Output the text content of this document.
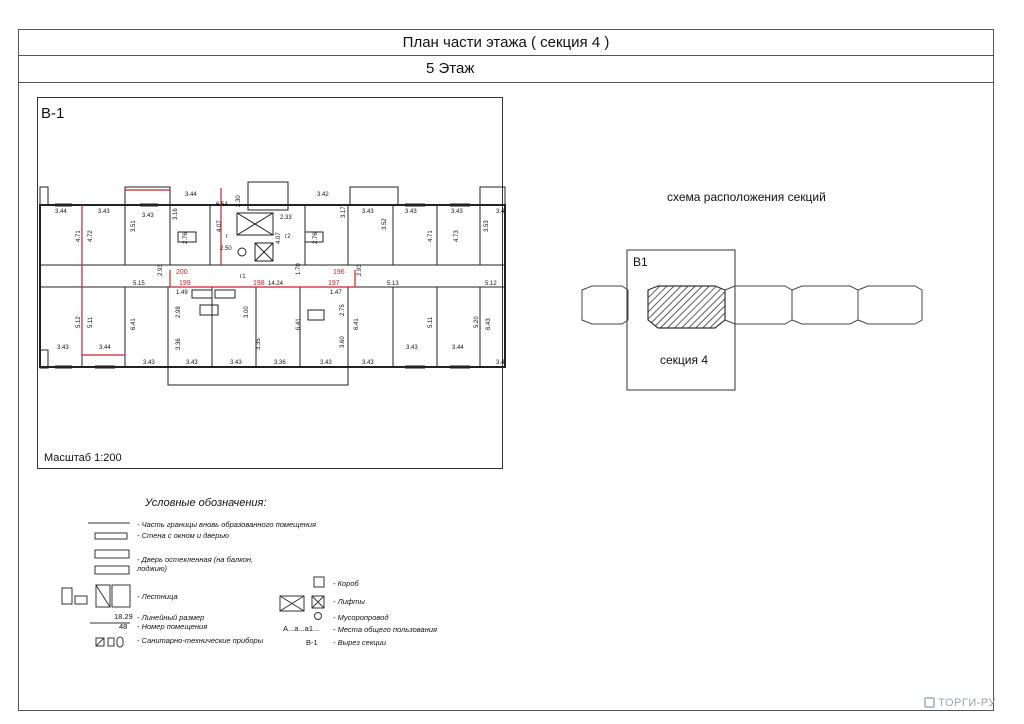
План части этажа ( секция 4 )
5 Этаж
В-1
Масштаб 1:200
3.44	3.43
3.43
3.44	3.42
3.43	3.43	3.43	3.4
2.30
2.33
6.54
4.07
4.07
2.50
3.16	3.17
г
г1
г2
4.71 4.72
3.51
2.76
2.93
3.52
4.71	4.73
3.53
2.76
2.93
5.15
1.49
14.24
1.47
5.13	5.12
1.70
5.12 5.11	6.41
2.98	3.00
3.36	3.35
6.41
2.75
3.60
6.41	5.11	5.20 6.43
3.43	3.44
3.43	3.43	3.43	3.36	3.43	3.43
3.43	3.44
3.4
200
199	198
196
197
схема расположения секций
В1
секция 4
Условные обозначения:
- Часть границы вновь образованного помещения
- Стена с окном и дверью
- Дверь остекленная (на балкон,
лоджию)
- Лестница
- Линейный размер
- Номер помещения
- Санитарно-технические приборы
- Короб
- Лифты
- Мусоропровод
- Места общего пользования
- Вырез секции
18.29
48	А...а...а1...
В-1
ТОРГИ-РУ
